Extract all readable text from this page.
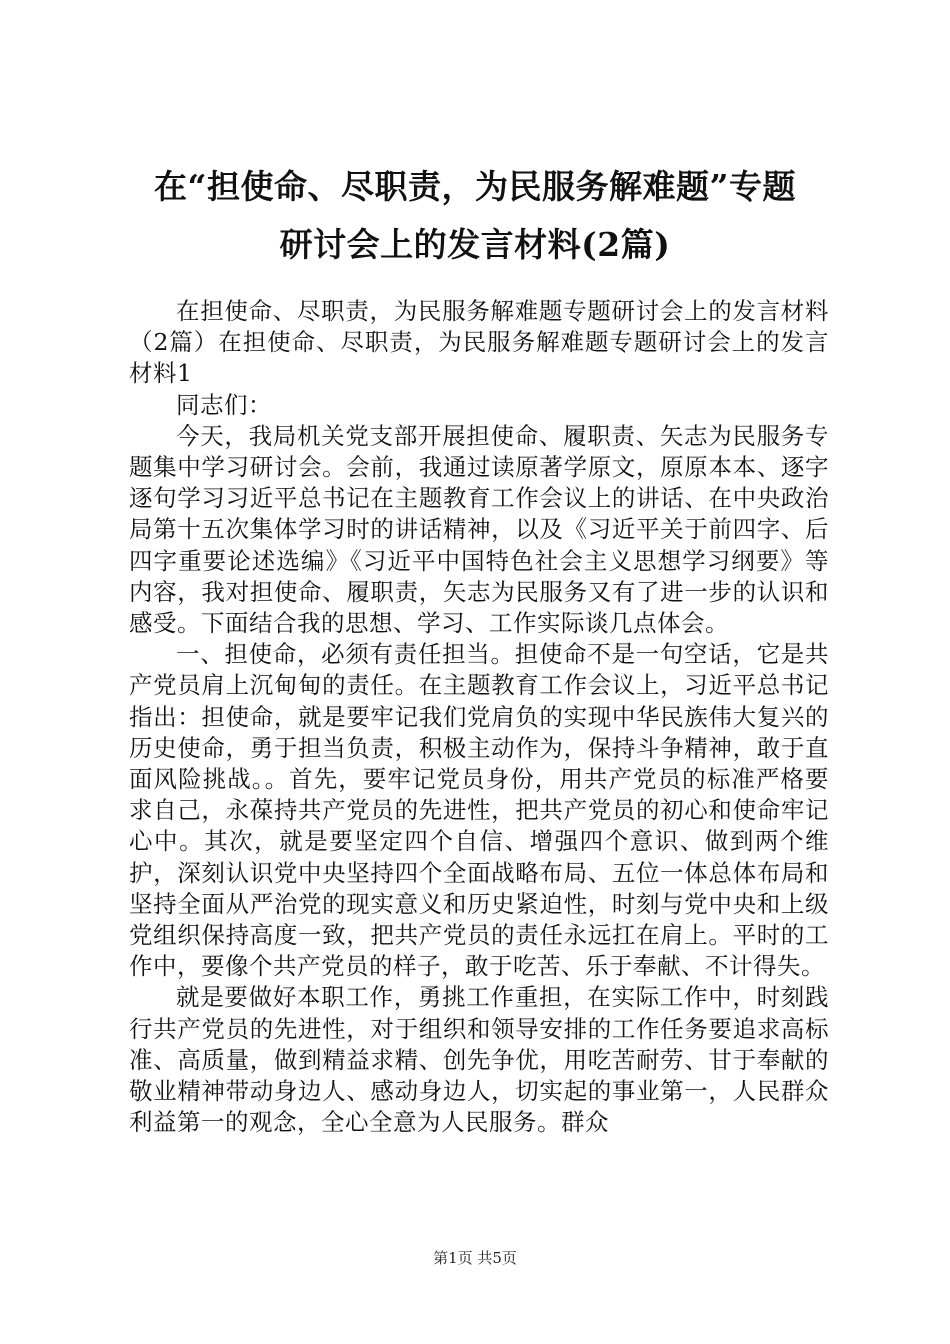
在“担使命、尽职责，为民服务解难题”专题
研讨会上的发言材料(2篇)

在担使命、尽职责，为民服务解难题专题研讨会上的发言材料（2篇）在担使命、尽职责，为民服务解难题专题研讨会上的发言材料1

同志们：

今天，我局机关党支部开展担使命、履职责、矢志为民服务专题集中学习研讨会。会前，我通过读原著学原文，原原本本、逐字逐句学习习近平总书记在主题教育工作会议上的讲话、在中央政治局第十五次集体学习时的讲话精神，以及《习近平关于前四字、后四字重要论述选编》《习近平中国特色社会主义思想学习纲要》等内容，我对担使命、履职责，矢志为民服务又有了进一步的认识和感受。下面结合我的思想、学习、工作实际谈几点体会。

一、担使命，必须有责任担当。担使命不是一句空话，它是共产党员肩上沉甸甸的责任。在主题教育工作会议上，习近平总书记指出：担使命，就是要牢记我们党肩负的实现中华民族伟大复兴的历史使命，勇于担当负责，积极主动作为，保持斗争精神，敢于直面风险挑战。。首先，要牢记党员身份，用共产党员的标准严格要求自己，永葆持共产党员的先进性，把共产党员的初心和使命牢记心中。其次，就是要坚定四个自信、增强四个意识、做到两个维护，深刻认识党中央坚持四个全面战略布局、五位一体总体布局和坚持全面从严治党的现实意义和历史紧迫性，时刻与党中央和上级党组织保持高度一致，把共产党员的责任永远扛在肩上。平时的工作中，要像个共产党员的样子，敢于吃苦、乐于奉献、不计得失。

就是要做好本职工作，勇挑工作重担，在实际工作中，时刻践行共产党员的先进性，对于组织和领导安排的工作任务要追求高标准、高质量，做到精益求精、创先争优，用吃苦耐劳、甘于奉献的敬业精神带动身边人、感动身边人，切实起的事业第一，人民群众利益第一的观念，全心全意为人民服务。群众

第1页 共5页
